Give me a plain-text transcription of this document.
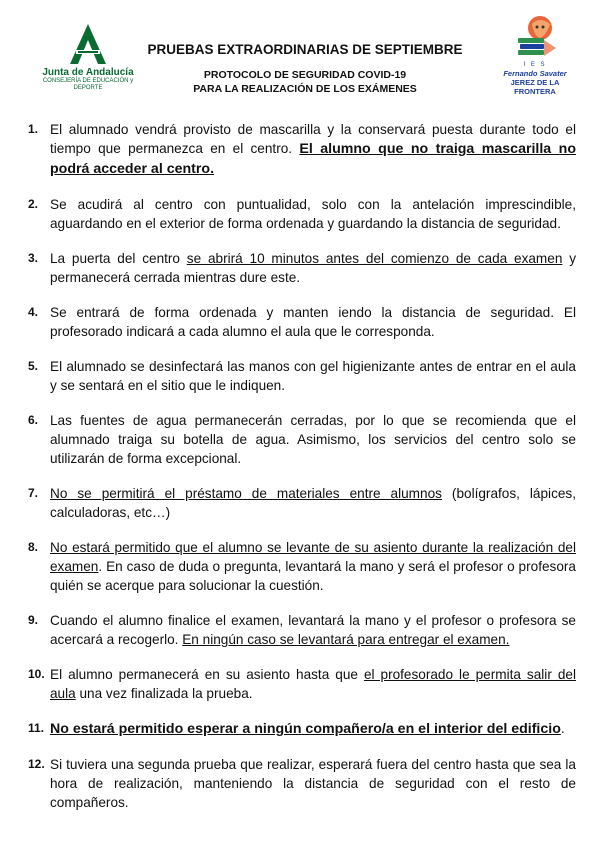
Junta de Andalucía
CONSEJERÍA DE EDUCACIÓN y DEPORTE
PRUEBAS EXTRAORDINARIAS DE SEPTIEMBRE
PROTOCOLO DE SEGURIDAD COVID-19
PARA LA REALIZACIÓN DE LOS EXÁMENES
I E S
Fernando Savater
JEREZ DE LA FRONTERA
1. El alumnado vendrá provisto de mascarilla y la conservará puesta durante todo el tiempo que permanezca en el centro. El alumno que no traiga mascarilla no podrá acceder al centro.
2. Se acudirá al centro con puntualidad, solo con la antelación imprescindible, aguardando en el exterior de forma ordenada y guardando la distancia de seguridad.
3. La puerta del centro se abrirá 10 minutos antes del comienzo de cada examen y permanecerá cerrada mientras dure este.
4. Se entrará de forma ordenada y manten iendo la distancia de seguridad. El profesorado indicará a cada alumno el aula que le corresponda.
5. El alumnado se desinfectará las manos con gel higienizante antes de entrar en el aula y se sentará en el sitio que le indiquen.
6. Las fuentes de agua permanecerán cerradas, por lo que se recomienda que el alumnado traiga su botella de agua. Asimismo, los servicios del centro solo se utilizarán de forma excepcional.
7. No se permitirá el préstamo de materiales entre alumnos (bolígrafos, lápices, calculadoras, etc…)
8. No estará permitido que el alumno se levante de su asiento durante la realización del examen. En caso de duda o pregunta, levantará la mano y será el profesor o profesora quién se acerque para solucionar la cuestión.
9. Cuando el alumno finalice el examen, levantará la mano y el profesor o profesora se acercará a recogerlo. En ningún caso se levantará para entregar el examen.
10. El alumno permanecerá en su asiento hasta que el profesorado le permita salir del aula una vez finalizada la prueba.
11. No estará permitido esperar a ningún compañero/a en el interior del edificio.
12. Si tuviera una segunda prueba que realizar, esperará fuera del centro hasta que sea la hora de realización, manteniendo la distancia de seguridad con el resto de compañeros.
